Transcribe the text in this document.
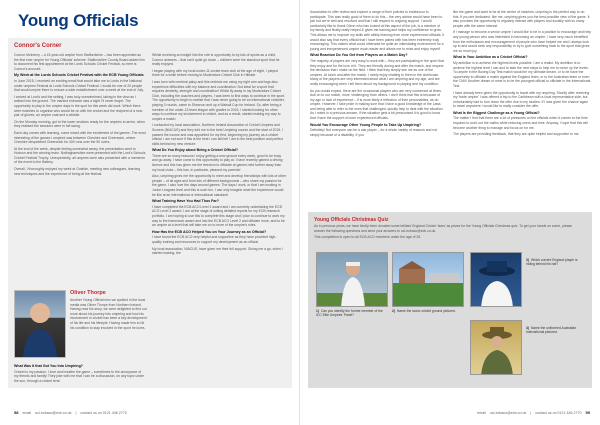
Young Officials
Connor's Corner

Connor McInerny – a 15-year-old umpire from Staffordshire – has been appointed as the first ever umpire for Young Officials' scheme. Staffordshire County Board asked him to document his first appointment at the Lords Schools Cricket Festival, so here is Connor's account.

My Week at the Lords Schools Cricket Festival with the ECB Young Officials

In June 2015, I received an exciting email that would take me to Lords in the National under umpires Festival at Lords Schools Cricket Festival. I would be one of 20 people that would umpire there to ensure a wide establishment over a week at the end of July.

I arrived at Lord's and the setting, I was truly overwhelmed, taking in the view as I walked into the ground. The marked entrance was a sight I'll never forget. The opportunity to play in the umpire days in the spot for this week did work. Which there were matches to organise who would be on with the cricket and the recipient of a new pair of gloves, an umpire coat and a whistle.

On the Monday morning, got to the lower sections ready for the umpires to arrive, when they realised the sessions were in full swing.

Each day comes with learning, come mixed with the excitement of the games. The most interesting of the games I umpired was between Cheshire and Greenwich, where Cheshire despatched Greenwich for 400 runs over the 50 overs.

At the end of the week, despite feeling somewhat weary, the presentation went to Hudson and the winning team. Nottinghamshire were presented with the Lord's Schools Cricket Festival Trophy. Unexpectedly, all umpires were also presented with a memento of the event to the Battery.

Overall, I thoroughly enjoyed my week at Outside, meeting new colleagues, learning new techniques and the experience of being at the festival.

Whilst receiving an insight into the role is opportunity to try lots of sports as a child, Connor answers – that can't quite go down – children were the standout sport that he really enjoyed.

I began playing with my local under-11 cricket team club at the age of eight, I played three for a while before moving to Moderators Cricket Club in Hillside.

I was born with cerebral palsy and this restricts me using my right arm and legs also experience difficulties with my balance and coordination. Not ideal for a sport that requires dexterity, strength and coordination! Whilst fly away in my Moderators Cricket Club, including the coaches and players, I was keen to find ways to continue in the sport. The opportunity to begin to realise that I was never going to be an International cricketer, playing 3 rounds, came to Shannon and up a Walsall Cup for Ireland. So, after being a member of the under-13 team league with grades in 2015, I started looking for other ways to continue my involvement in cricket, and as a result, started making my way to umpire a match.

I contacted my local association, Northern Ireland Association of Cricket Umpires and Scorers (NIACUS) and they told me to the best Umpiring course and the start of 2015. I passed the course and was appointed for my first, beginning my journey as a cricket official. I am not sure if this is the best I can still be! I am in the best position and perfect skills behind my new venture.

What Do You Enjoy about Being a Cricket Official?

There are so many reasons I enjoy getting a new ground every week, good to be busy and go away. I have come to this opportunity to play at. I have recently gained a driving licence and this has given me the freedom to officiate at games held further away than my local clubs – this has, in particular, pleased my parents!

Also, umpiring gives me the opportunity to meet and develop friendships with lots of other people – of all ages and from lots of different backgrounds – who share my passion for the game. I also love the days around games. The days I work, or that I am working in Junior Leagues level and this is such fun. I can only imagine what the experience would be like at an international or international standard!

What Training Have You Had Thus Far?

I have completed the ECB ACO Level 1 award and I am currently undertaking the ECB ACO Level 2 award. I am at the stage of writing detailed reports for my ECB research portfolio. I am hoping to use this to complete this stage and I plan to continue to work my way to the framework award and into the ECB ACO Level 2 and officiate more, and to be an umpire at a level that will take me on to more of the umpire's roles.

How Has the ECB ACO Helped You on Your Journey as an Official?

I have found the ECB ACO very helpful and supportive as they have provided high-quality training and resources to support my development as an official.

My local association, NIACUS, have given me their full support. Giving me a go, when I started making, the

Oliver Thorpe
Another Young Official who we spotted in the local media was Oliver Thorpe from Northern Ireland. Having read his story, we were delighted to find out more about his journey into umpiring and how his involvement in cricket has been a key development of his life and his lifestyle. Having made him to hit his condition to stay involved in the sport he loves.
What Was It that Got You Into Umpiring?

Cricket is my passion. I love and breathe the game – sometimes to the annoyance of my friends and family! They joke with me that I can be a discussion, on any topic under the sun, through a cricket lens!

58 email ucl-ecbaco@ecb.co.uk | contact us on 0121 446 2770

Association to offer review and explore a range of their policies to endeavour to participate. This was really good of them to do this – the very advice would have been to join but we're well and resolved and that I still respect to ongoing support. I would particularly like to thank Glenn who has looked at this aspect of the job, is a member of my family and finally really helped & gives me training and helps my confidence to grow. This allows me to improve my skills with ability learning from more experienced officials. It would also say that every official that I have been paired with has been extremely truly encouraging. This makes what could otherwise be quite an intimidating environment for a young and inexperienced umpire much easier and allows me to relax and enjoy myself.

What Reaction Do You Get from Players on a Match Day?

The majority of players are very easy to work with – they are participating in the sport that they enjoy and for the love of it. They are friendly during and after the match, and respect the decisions that I make on the field. I think that they simply see me as one of the umpires. At lunch and after the match, I rarely enjoy chatting to them in the clubhouse. Many of the players are very interested about what I am umpiring and my age, and are really encouraging when I tell them about my background in playing and my condition.

As you would expect, there are the occasional players who are very concerned at times. Ask on to our match, more ‘challenging’ than others. I don't think that this is because of my age or lack of experience – it is more likely a reflection of their personalities, as do umpire. However, I take pride in making sure that I have a good knowledge of the Laws and being able to refer to the ones that challenged, quickly help to deal with the situation. As I noted in a previous answer, if the situation gets a bit pressurised it is good to know that I have the support of more experienced officials.

Would You Encourage Other Young People to Take Up Umpiring?

Definitely! Not everyone can be a star player – for a whole variety of reasons and not simply because of a disability. If you

like the game and want to be at the centre of matches, umpiring is the perfect way to do this. If you are dedicated, like me, umpiring gives you the best possible view of the game. It also provides the opportunity to regularly interact with players and socially with so many people with the same interest.

If I manage to become a senior umpire I would like to be in a position to encourage and help any young person who was interested in becoming an umpire. I have very much benefited from the enthusiasm and encouragement of people who have helped me and I always look up to and would seek any responsibility to try to give something back to the sport that gives me so much joy.

What is Your Ambition as a Cricket Official?

My ambition is to achieve the highest levels possible. I am a realist. My ambition is to achieve the highest level I can and to take the next steps to help me to move up the levels. To umpire in the Boxing Day Test match would be my ultimate dream, or to be have the opportunity to officiate a match against the England team, or to the Australian team or even the CMV! Another dream of mine is to be the youngest official to officiate in the International Test.

I have already been given the opportunity to travel with my umpiring. Shortly after receiving my 'trade umpire' I was offered a trip to the Caribbean with a local representative side, but unfortunately had to turn down the offer due to my studies. If I was given the chance again to travel anywhere I would like to really consider the offer.

What Is the Biggest Challenge as a Young Official?

The matter I find that there are a lot of pressures on the officials when it comes to the time required to work out the maths while reducing overs and time. Anyway, I hope that this will become another thing to manage and focus on for me.

The players are providing feedback, that they are quite helpful and supportive to me.

Young Officials Christmas Quiz

As in previous years, we have kindly been donated some brilliant England Cricket 'stars' as prizes for the Young Officials Christmas quiz. To get your hands on some, please answer the following questions and send your answers to ucl-ecbaco@ecb.co.uk.

This competition is open to all ECB ACO members under the age of 25.

1) Can you identify the former member of the ICC Elite Umpires' Panel?
2) Name the iconic cricket ground pictured.
3) Which current England player is hiding behind his hat?
4) Name the uniformed Australian International pictured.
email ucl-ecbaco@ecb.co.uk | contact us on 0121 446 2770 59
